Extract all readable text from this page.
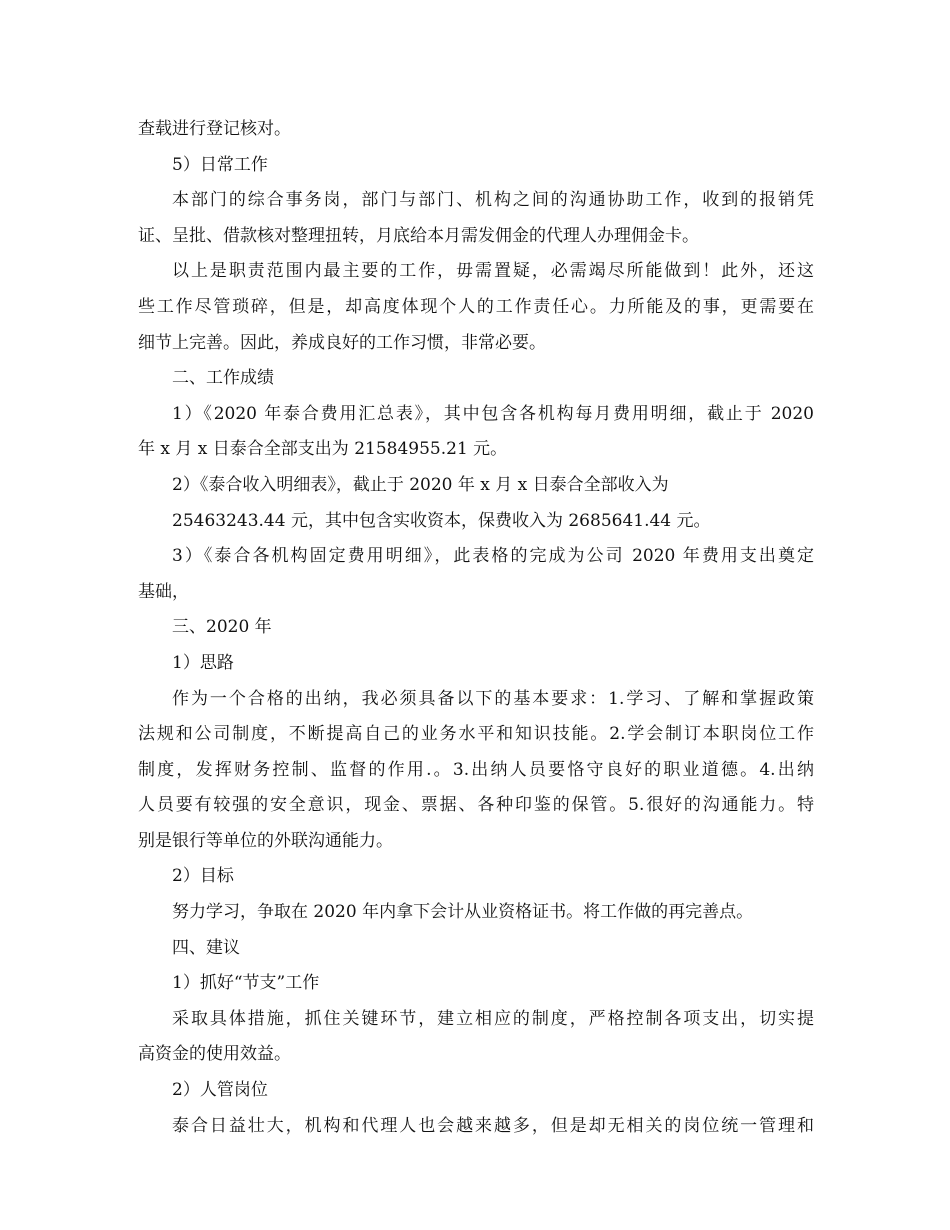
查载进行登记核对。
5）日常工作
本部门的综合事务岗，部门与部门、机构之间的沟通协助工作，收到的报销凭
证、呈批、借款核对整理扭转，月底给本月需发佣金的代理人办理佣金卡。
以上是职责范围内最主要的工作，毋需置疑，必需竭尽所能做到！此外，还这
些工作尽管琐碎，但是，却高度体现个人的工作责任心。力所能及的事，更需要在
细节上完善。因此，养成良好的工作习惯，非常必要。
二、工作成绩
1）《2020 年泰合费用汇总表》，其中包含各机构每月费用明细，截止于 2020
年 x 月 x 日泰合全部支出为 21584955.21 元。
2）《泰合收入明细表》，截止于 2020 年 x 月 x 日泰合全部收入为
25463243.44 元，其中包含实收资本，保费收入为 2685641.44 元。
3）《泰合各机构固定费用明细》，此表格的完成为公司 2020 年费用支出奠定
基础，
三、2020 年
1）思路
作为一个合格的出纳，我必须具备以下的基本要求：1.学习、了解和掌握政策
法规和公司制度，不断提高自己的业务水平和知识技能。2.学会制订本职岗位工作
制度，发挥财务控制、监督的作用.。3.出纳人员要恪守良好的职业道德。4.出纳
人员要有较强的安全意识，现金、票据、各种印鉴的保管。5.很好的沟通能力。特
别是银行等单位的外联沟通能力。
2）目标
努力学习，争取在 2020 年内拿下会计从业资格证书。将工作做的再完善点。
四、建议
1）抓好“节支”工作
采取具体措施，抓住关键环节，建立相应的制度，严格控制各项支出，切实提
高资金的使用效益。
2）人管岗位
泰合日益壮大，机构和代理人也会越来越多，但是却无相关的岗位统一管理和
